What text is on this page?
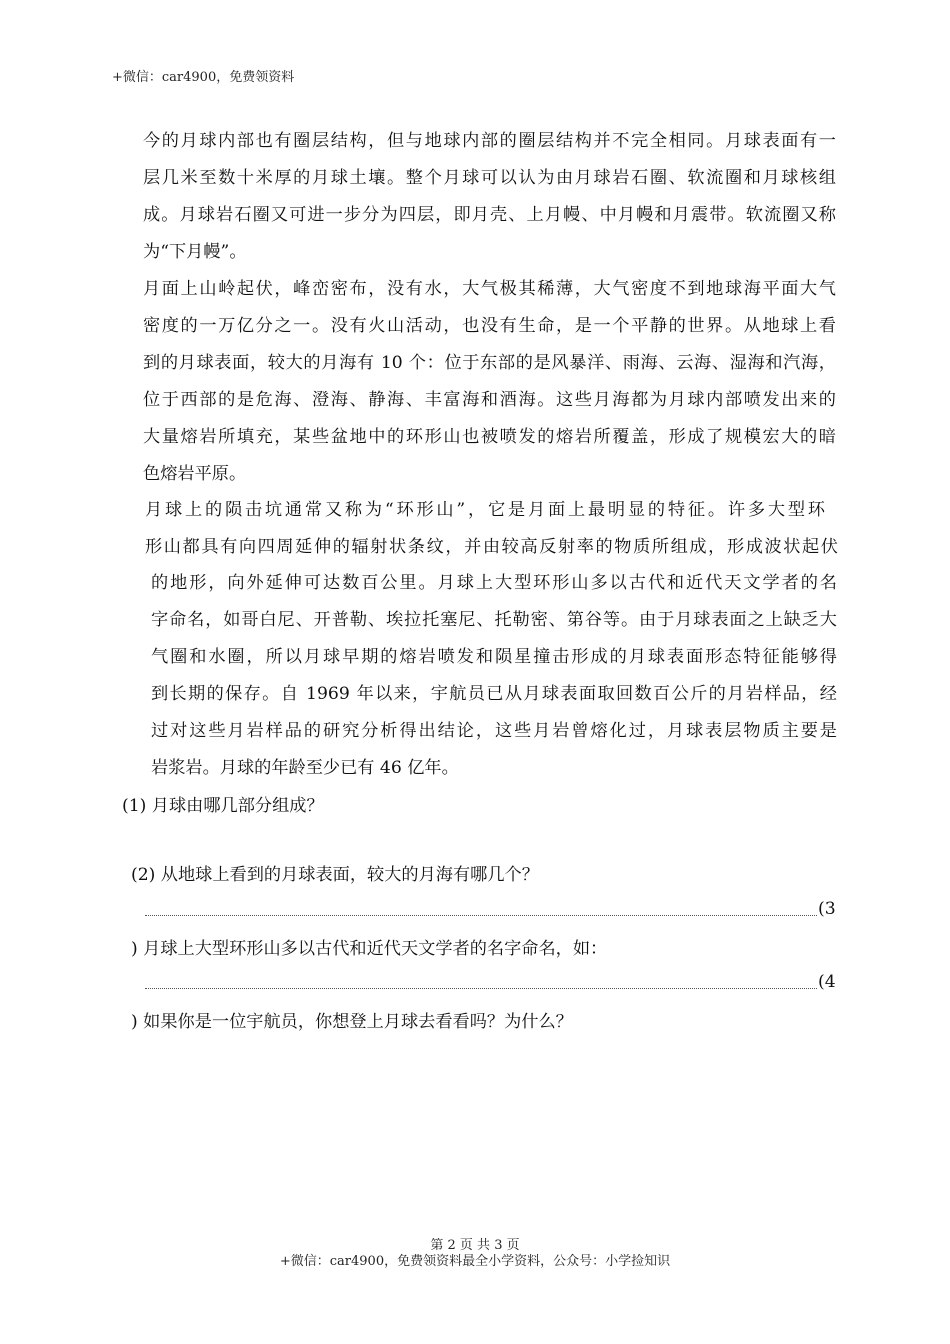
+微信：car4900，免费领资料
今的月球内部也有圈层结构，但与地球内部的圈层结构并不完全相同。月球表面有一
层几米至数十米厚的月球土壤。整个月球可以认为由月球岩石圈、软流圈和月球核组
成。月球岩石圈又可进一步分为四层，即月壳、上月幔、中月幔和月震带。软流圈又称
为“下月幔”。
月面上山岭起伏，峰峦密布，没有水，大气极其稀薄，大气密度不到地球海平面大气
密度的一万亿分之一。没有火山活动，也没有生命，是一个平静的世界。从地球上看
到的月球表面，较大的月海有 10 个：位于东部的是风暴洋、雨海、云海、湿海和汽海，
位于西部的是危海、澄海、静海、丰富海和酒海。这些月海都为月球内部喷发出来的
大量熔岩所填充，某些盆地中的环形山也被喷发的熔岩所覆盖，形成了规模宏大的暗
色熔岩平原。
月球上的陨击坑通常又称为“环形山”，它是月面上最明显的特征。许多大型环
形山都具有向四周延伸的辐射状条纹，并由较高反射率的物质所组成，形成波状起伏
的地形，向外延伸可达数百公里。月球上大型环形山多以古代和近代天文学者的名
字命名，如哥白尼、开普勒、埃拉托塞尼、托勒密、第谷等。由于月球表面之上缺乏大
气圈和水圈，所以月球早期的熔岩喷发和陨星撞击形成的月球表面形态特征能够得
到长期的保存。自 1969 年以来，宇航员已从月球表面取回数百公斤的月岩样品，经
过对这些月岩样品的研究分析得出结论，这些月岩曾熔化过，月球表层物质主要是
岩浆岩。月球的年龄至少已有 46 亿年。
(1) 月球由哪几部分组成？
(2) 从地球上看到的月球表面，较大的月海有哪几个？
(3
) 月球上大型环形山多以古代和近代天文学者的名字命名，如：
(4
) 如果你是一位宇航员，你想登上月球去看看吗？为什么？
第 2 页 共 3 页
+微信：car4900，免费领资料最全小学资料，公众号：小学捡知识
